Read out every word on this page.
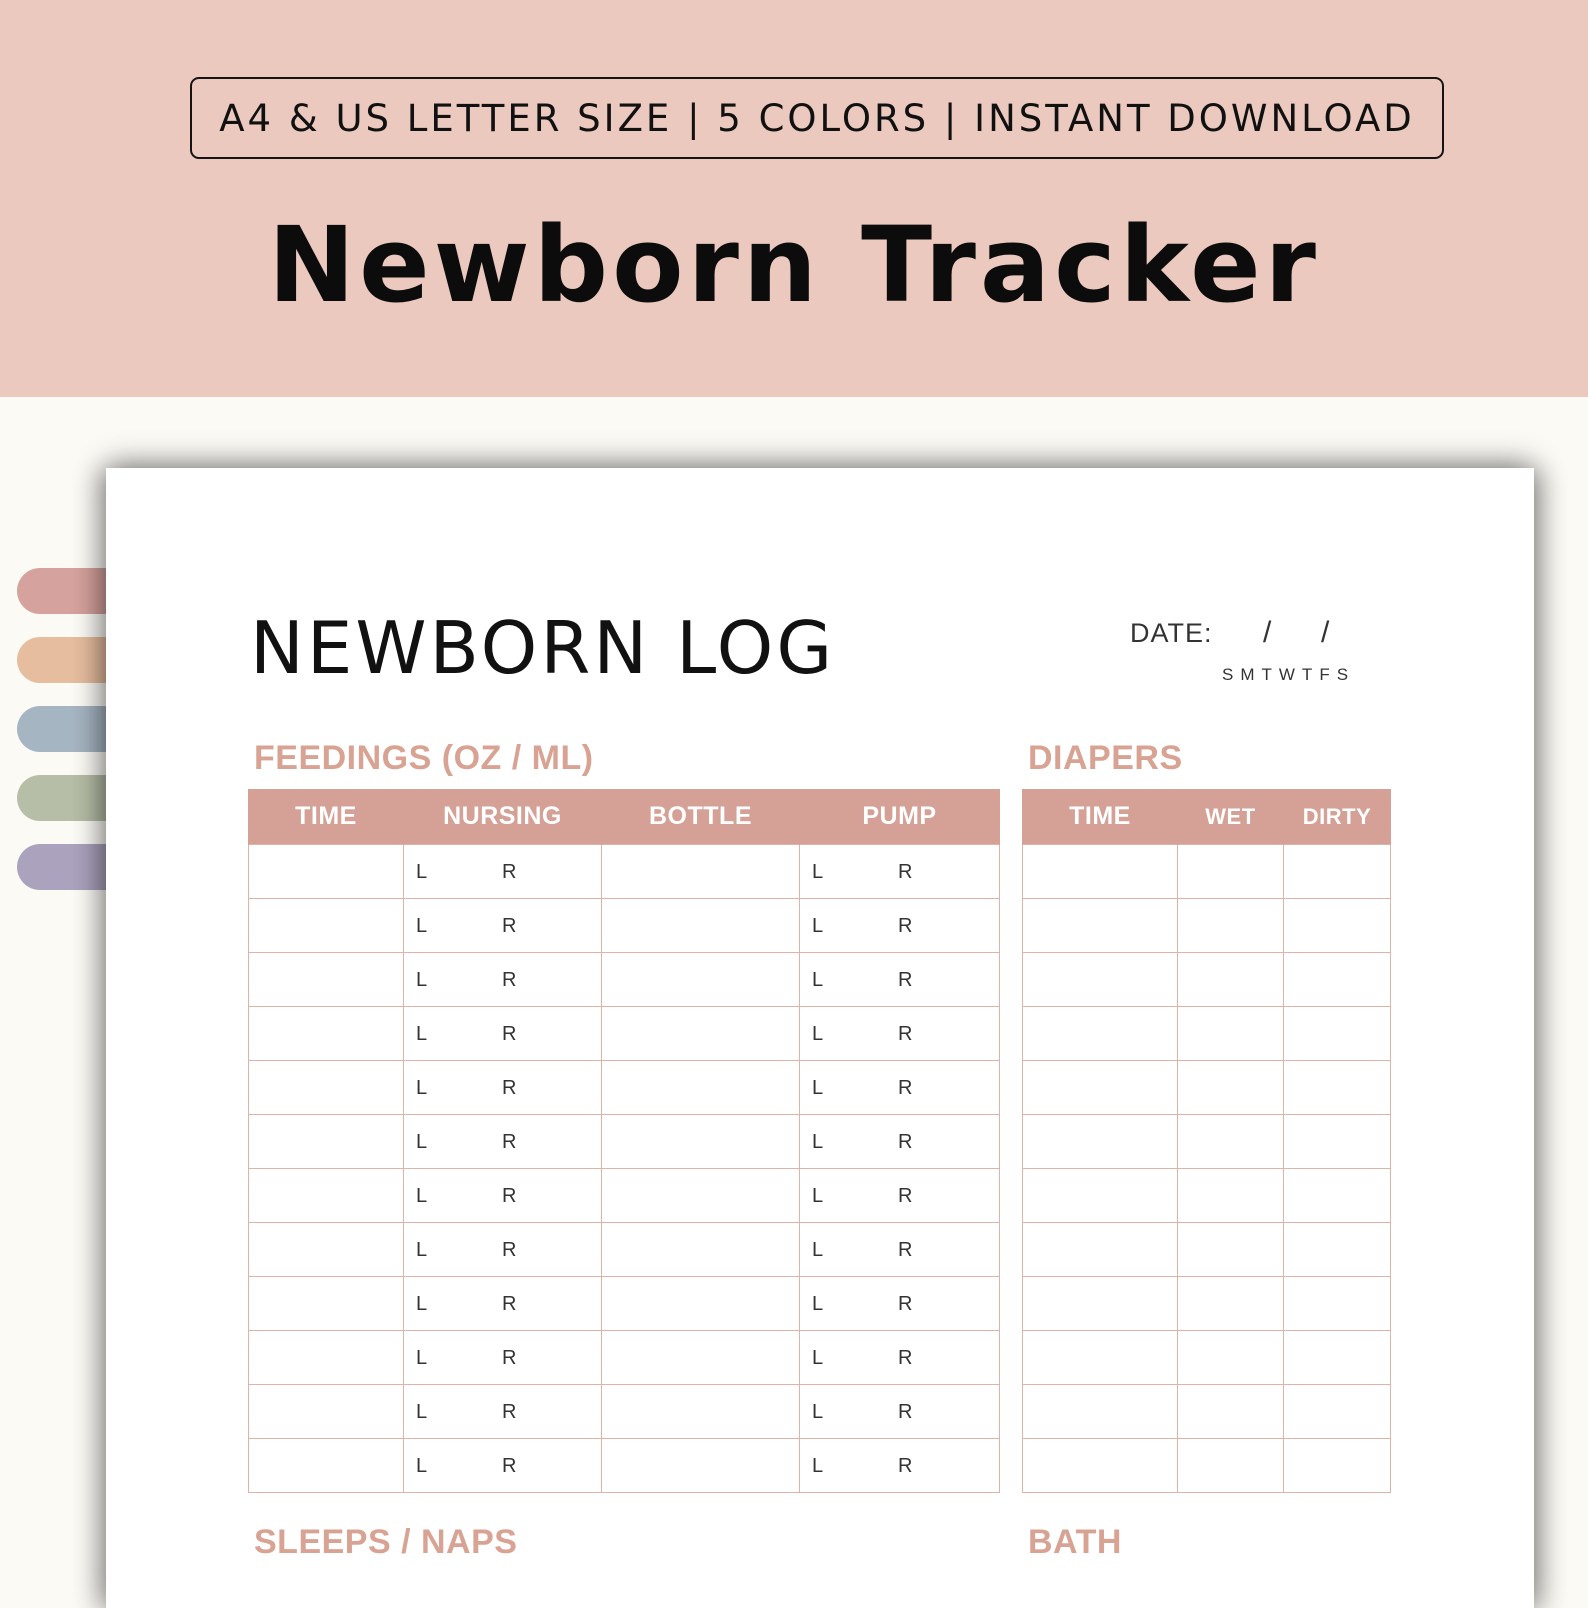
A4 & US LETTER SIZE | 5 COLORS | INSTANT DOWNLOAD
Newborn Tracker
NEWBORN LOG	DATE: / /
SMTWTFS
FEEDINGS (OZ / ML)	DIAPERS
TIME	NURSING	BOTTLE	PUMP

	L R		L R

	L R		L R

	L R		L R

	L R		L R

	L R		L R

	L R		L R

	L R		L R

	L R		L R

	L R		L R

	L R		L R

	L R		L R

	L R		L R
TIME	WET	DIRTY

SLEEPS / NAPS	BATH
